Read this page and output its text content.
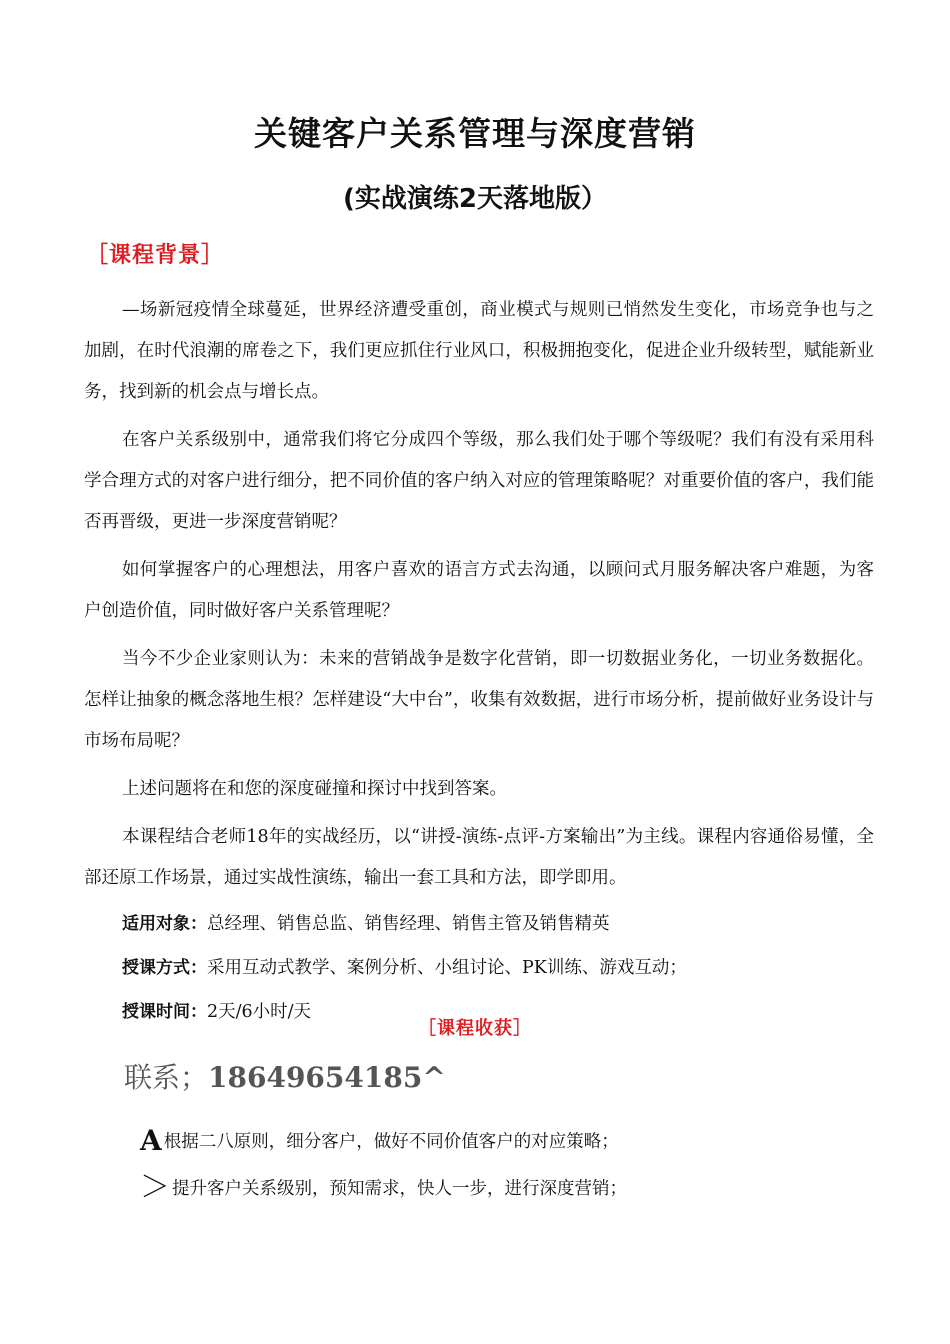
关键客户关系管理与深度营销
(实战演练2天落地版）
［课程背景］

—场新冠疫情全球蔓延，世界经济遭受重创，商业模式与规则已悄然发生变化，市场竞争也与之加剧，在时代浪潮的席卷之下，我们更应抓住行业风口，积极拥抱变化，促进企业升级转型，赋能新业务，找到新的机会点与增长点。

在客户关系级别中，通常我们将它分成四个等级，那么我们处于哪个等级呢？我们有没有采用科学合理方式的对客户进行细分，把不同价值的客户纳入对应的管理策略呢？对重要价值的客户，我们能否再晋级，更进一步深度营销呢？

如何掌握客户的心理想法，用客户喜欢的语言方式去沟通，以顾问式月服务解决客户难题，为客户创造价值，同时做好客户关系管理呢？

当今不少企业家则认为：未来的营销战争是数字化营销，即一切数据业务化，一切业务数据化。怎样让抽象的概念落地生根？怎样建设“大中台”，收集有效数据，进行市场分析，提前做好业务设计与市场布局呢？

上述问题将在和您的深度碰撞和探讨中找到答案。

本课程结合老师18年的实战经历，以“讲授-演练-点评-方案输出”为主线。课程内容通俗易懂，全部还原工作场景，通过实战性演练，输出一套工具和方法，即学即用。

适用对象：总经理、销售总监、销售经理、销售主管及销售精英
授课方式：采用互动式教学、案例分析、小组讨论、PK训练、游戏互动；
授课时间：2天/6小时/天
［课程收获］
联系；18649654185^
A根据二八原则，细分客户，做好不同价值客户的对应策略；
＞ 提升客户关系级别，预知需求，快人一步，进行深度营销；
